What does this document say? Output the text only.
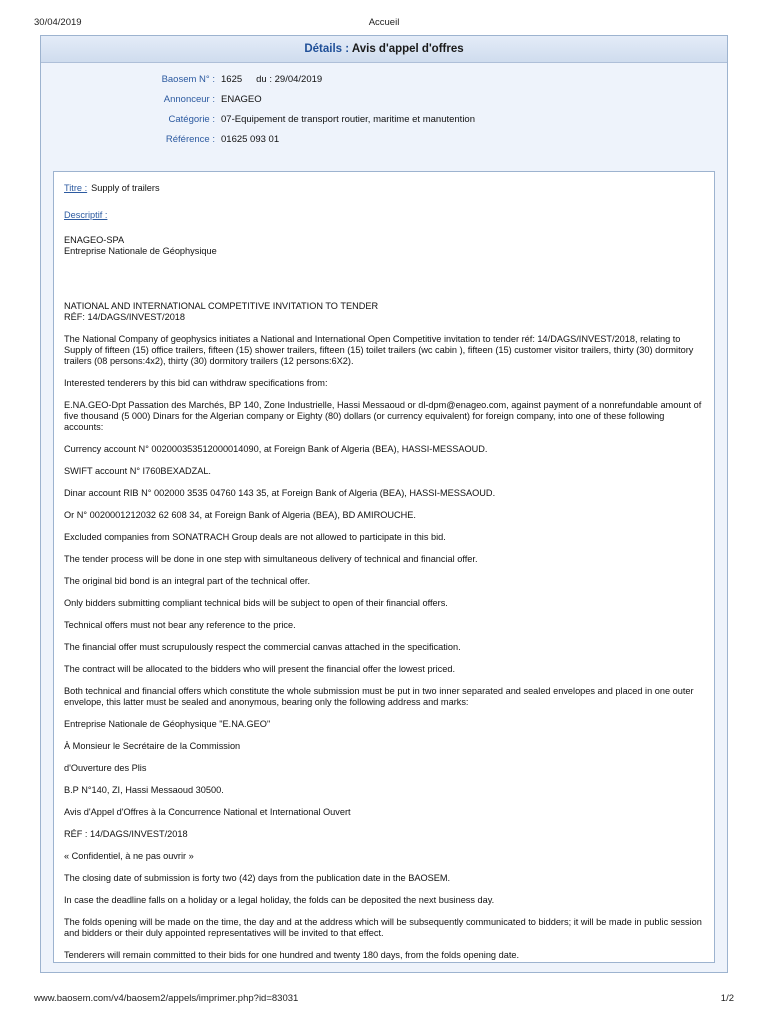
30/04/2019	Accueil
Détails : Avis d'appel d'offres
Baosem N° : 1625 du : 29/04/2019
Annonceur : ENAGEO
Catégorie : 07-Equipement de transport routier, maritime et manutention
Référence : 01625 093 01

Titre : Supply of trailers

Descriptif :

ENAGEO-SPA

Entreprise Nationale de Géophysique

NATIONAL AND INTERNATIONAL COMPETITIVE INVITATION TO TENDER

RÉF: 14/DAGS/INVEST/2018

The National Company of geophysics initiates a National and International Open Competitive invitation to tender réf: 14/DAGS/INVEST/2018, relating to Supply of fifteen (15) office trailers, fifteen (15) shower trailers, fifteen (15) toilet trailers (wc cabin ), fifteen (15) customer visitor trailers, thirty (30) dormitory trailers (08 persons:4x2), thirty (30) dormitory trailers (12 persons:6X2).

Interested tenderers by this bid can withdraw specifications from:

E.NA.GEO-Dpt Passation des Marchés, BP 140, Zone Industrielle, Hassi Messaoud or dl-dpm@enageo.com, against payment of a nonrefundable amount of five thousand (5 000) Dinars for the Algerian company or Eighty (80) dollars (or currency equivalent) for foreign company, into one of these following accounts:

Currency account N° 0020003535120000140​90, at Foreign Bank of Algeria (BEA), HASSI-MESSAOUD.

SWIFT account N° I760BEXADZAL.

Dinar account RIB N° 002000 3535 04760 143 35, at Foreign Bank of Algeria (BEA), HASSI-MESSAOUD.

Or N° 0020001212032 62 608 34, at Foreign Bank of Algeria (BEA), BD AMIROUCHE.

Excluded companies from SONATRACH Group deals are not allowed to participate in this bid.

The tender process will be done in one step with simultaneous delivery of technical and financial offer.

The original bid bond is an integral part of the technical offer.

Only bidders submitting compliant technical bids will be subject to open of their financial offers.

Technical offers must not bear any reference to the price.

The financial offer must scrupulously respect the commercial canvas attached in the specification.

The contract will be allocated to the bidders who will present the financial offer the lowest priced.

Both technical and financial offers which constitute the whole submission must be put in two inner separated and sealed envelopes and placed in one outer envelope, this latter must be sealed and anonymous, bearing only the following address and marks:

Entreprise Nationale de Géophysique "E.NA.GEO"

À Monsieur le Secrétaire de la Commission

d'Ouverture des Plis

B.P N°140, ZI, Hassi Messaoud 30500.

Avis d'Appel d'Offres à la Concurrence National et International Ouvert

RÉF : 14/DAGS/INVEST/2018

« Confidentiel, à ne pas ouvrir »

The closing date of submission is forty two (42) days from the publication date in the BAOSEM.

In case the deadline falls on a holiday or a legal holiday, the folds can be deposited the next business day.

The folds opening will be made on the time, the day and at the address which will be subsequently communicated to bidders; it will be made in public session and bidders or their duly appointed representatives will be invited to that effect.

Tenderers will remain committed to their bids for one hundred and twenty 180 days, from the folds opening date.

www.baosem.com/v4/baosem2/appels/imprimer.php?id=83031	1/2
